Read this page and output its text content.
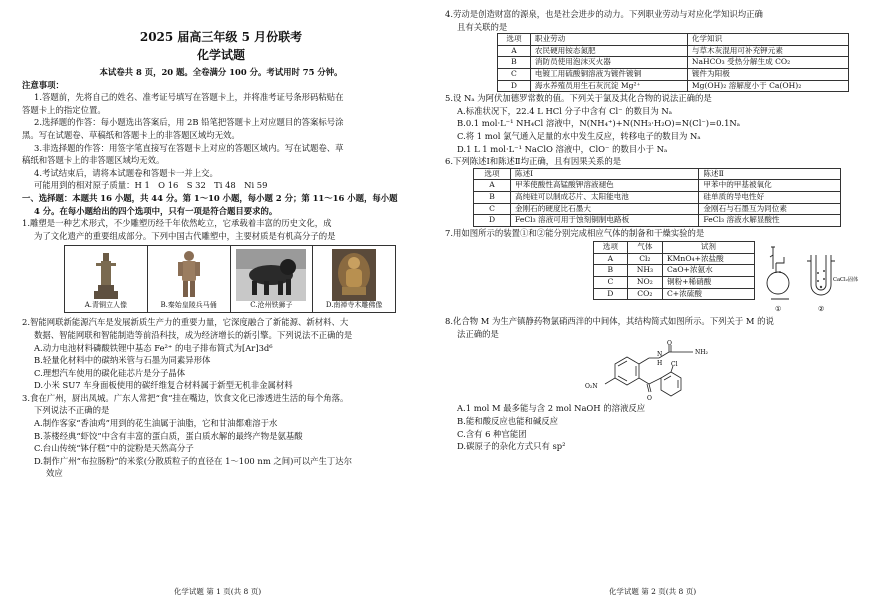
2025 届高三年级 5 月份联考
化学试题
本试卷共 8 页，20 题。全卷满分 100 分。考试用时 75 分钟。

注意事项：

1.答题前，先将自己的姓名、准考证号填写在答题卡上，并将准考证号条形码粘贴在

答题卡上的指定位置。

2.选择题的作答：每小题选出答案后，用 2B 铅笔把答题卡上对应题目的答案标号涂

黑。写在试题卷、草稿纸和答题卡上的非答题区域均无效。

3.非选择题的作答：用签字笔直接写在答题卡上对应的答题区域内。写在试题卷、草

稿纸和答题卡上的非答题区域均无效。

4.考试结束后，请将本试题卷和答题卡一并上交。

可能用到的相对原子质量：H 1　O 16　S 32　Ti 48　Ni 59

一、选择题：本题共 16 小题，共 44 分。第 1～10 小题，每小题 2 分；第 11～16 小题，每小题

4 分。在每小题给出的四个选项中，只有一项是符合题目要求的。

1.雕塑是一种艺术形式，不少雕塑历经千年依然屹立，它承载着丰富的历史文化，成

为了文化遗产的重要组成部分。下列中国古代雕塑中，主要材质是有机高分子的是

A.青铜立人像	B.秦始皇陵兵马俑	C.沧州铁狮子	D.南禅寺木雕佛像

2.智能网联新能源汽车是发展新质生产力的重要力量，它深度融合了新能源、新材料、大

数据、智能网联和智能制造等前沿科技，成为经济增长的新引擎。下列说法不正确的是

A.动力电池材料磷酸铁锂中基态 Fe²⁺ 的电子排布简式为[Ar]3d⁶

B.轻量化材料中的碳纳米管与石墨为同素异形体

C.理想汽车使用的碳化硅芯片是分子晶体

D.小米 SU7 车身面板使用的碳纤维复合材料属于新型无机非金属材料

3.食在广州，厨出凤城。广东人常把“食”挂在嘴边，饮食文化已渗透进生活的每个角落。

下列说法不正确的是

A.制作客家“香油鸡”用到的花生油属于油脂，它和甘油都难溶于水

B.茶楼经典“虾饺”中含有丰富的蛋白质，蛋白质水解的最终产物是氨基酸

C.台山传统“钵仔糕”中的淀粉是天然高分子

D.制作广州“布拉肠粉”的米浆(分散质粒子的直径在 1～100 nm 之间)可以产生丁达尔

效应

化学试题 第 1 页(共 8 页)

4.劳动是创造财富的源泉，也是社会进步的动力。下列职业劳动与对应化学知识均正确

且有关联的是

选项	职业劳动	化学知识
A	农民硬用铵态氮肥	与草木灰混用可补充钾元素
B	消防员使用泡沫灭火器	NaHCO₃ 受热分解生成 CO₂
C	电镀工用硫酸铜溶液为镀件镀铜	镀件为阳极
D	海水养殖员用生石灰沉淀 Mg²⁺	Mg(OH)₂ 溶解度小于 Ca(OH)₂

5.设 Nₐ 为阿伏加德罗常数的值。下列关于氯及其化合物的说法正确的是

A.标准状况下，22.4 L HCl 分子中含有 Cl⁻ 的数目为 Nₐ

B.0.1 mol·L⁻¹ NH₄Cl 溶液中，N(NH₄⁺)+N(NH₃·H₂O)=N(Cl⁻)=0.1Nₐ

C.将 1 mol 氯气通入足量的水中发生反应，转移电子的数目为 Nₐ

D.1 L 1 mol·L⁻¹ NaClO 溶液中，ClO⁻ 的数目小于 Nₐ

6.下列陈述Ⅰ和陈述Ⅱ均正确，且有因果关系的是

选项	陈述Ⅰ	陈述Ⅱ
A	甲苯使酸性高锰酸钾溶液褪色	甲苯中的甲基被氧化
B	高纯硅可以制成芯片、太阳能电池	硅单质的导电性好
C	金刚石的硬度比石墨大	金刚石与石墨互为同位素
D	FeCl₃ 溶液可用于蚀刻铜制电路板	FeCl₃ 溶液水解显酸性

7.用如图所示的装置①和②能分别完成相应气体的制备和干燥实验的是

选项	气体	试剂
A	Cl₂	KMnO₄+浓盐酸
B	NH₃	CaO+浓氨水
C	NO₂	铜粉+稀硝酸
D	CO₂	C+浓硫酸
①	②
CaCl₂固体

8.化合物 M 为生产镇静药物氯硝西泮的中间体，其结构简式如图所示。下列关于 M 的说

法正确的是

O
N
H Cl
NH₂
O₂N
O

A.1 mol M 最多能与含 2 mol NaOH 的溶液反应

B.能和酸反应也能和碱反应

C.含有 6 种官能团

D.碳原子的杂化方式只有 sp²

化学试题 第 2 页(共 8 页)
